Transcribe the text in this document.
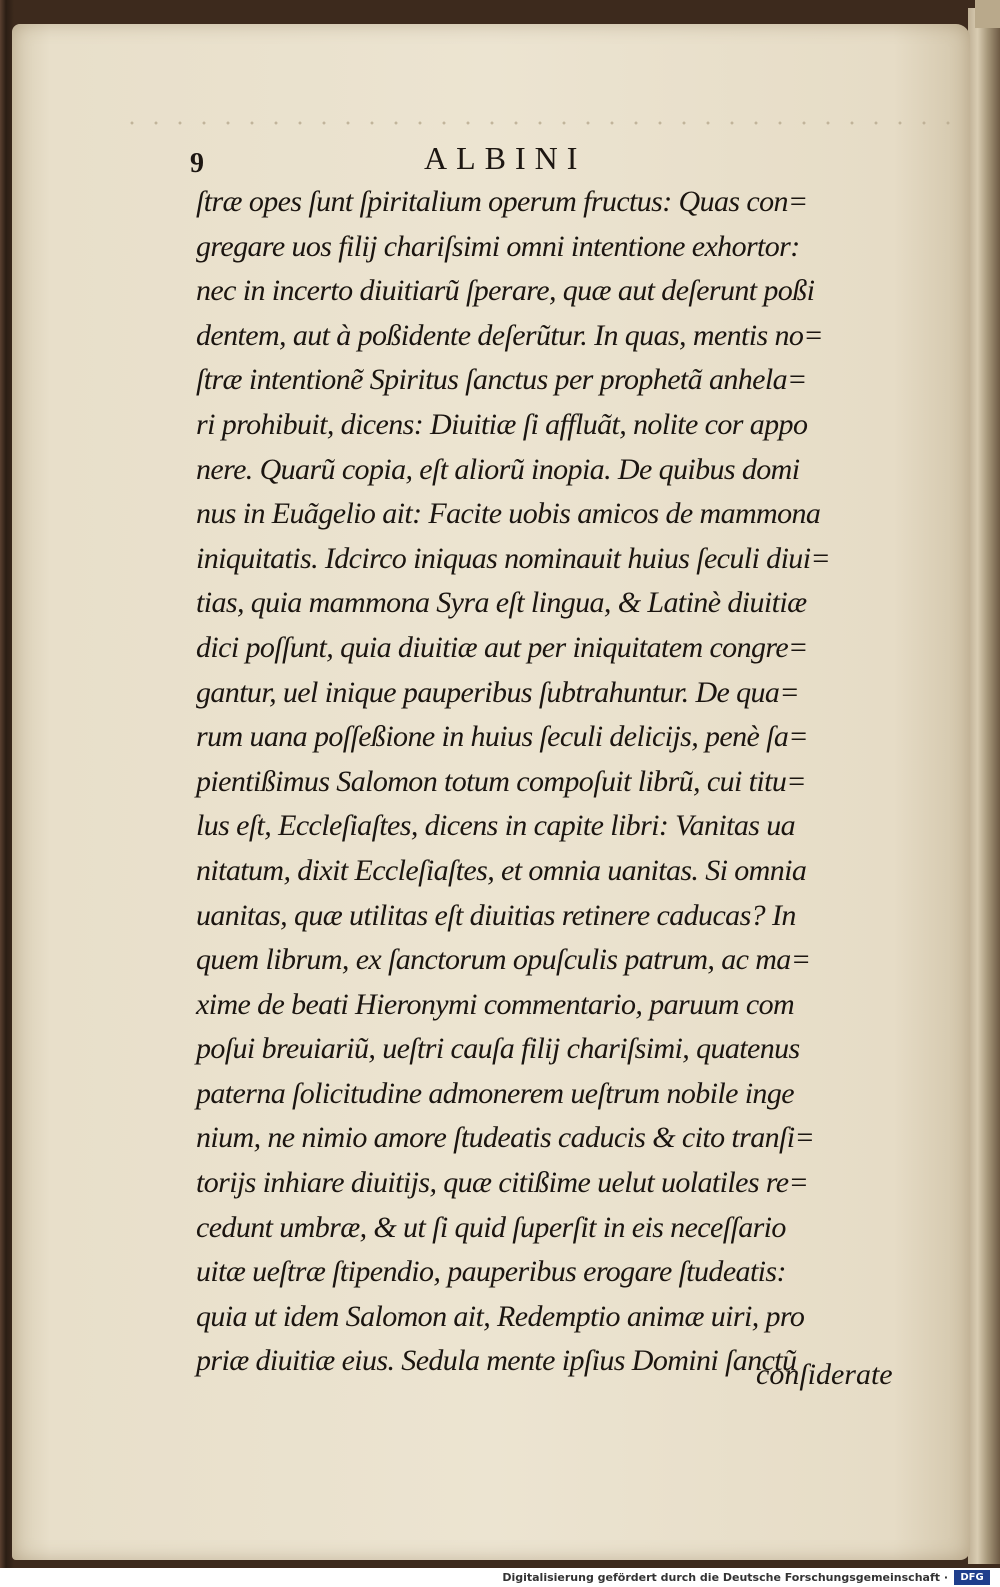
9	ALBINI
ſtræ opes ſunt ſpiritalium operum fructus: Quas con=
gregare uos filij chariſsimi omni intentione exhortor:
nec in incerto diuitiarũ ſperare, quæ aut deſerunt poßi
dentem, aut à poßidente deſerũtur. In quas, mentis no=
ſtræ intentionẽ Spiritus ſanctus per prophetã anhela=
ri prohibuit, dicens: Diuitiæ ſi affluãt, nolite cor appo
nere. Quarũ copia, eſt aliorũ inopia. De quibus domi
nus in Euãgelio ait: Facite uobis amicos de mammona
iniquitatis. Idcirco iniquas nominauit huius ſeculi diui=
tias, quia mammona Syra eſt lingua, & Latinè diuitiæ
dici poſſunt, quia diuitiæ aut per iniquitatem congre=
gantur, uel inique pauperibus ſubtrahuntur. De qua=
rum uana poſſeßione in huius ſeculi delicijs, penè ſa=
pientißimus Salomon totum compoſuit librũ, cui titu=
lus eſt, Eccleſiaſtes, dicens in capite libri: Vanitas ua
nitatum, dixit Eccleſiaſtes, et omnia uanitas. Si omnia
uanitas, quæ utilitas eſt diuitias retinere caducas? In
quem librum, ex ſanctorum opuſculis patrum, ac ma=
xime de beati Hieronymi commentario, paruum com
poſui breuiariũ, ueſtri cauſa filij chariſsimi, quatenus
paterna ſolicitudine admonerem ueſtrum nobile inge
nium, ne nimio amore ſtudeatis caducis & cito tranſi=
torijs inhiare diuitijs, quæ citißime uelut uolatiles re=
cedunt umbræ, & ut ſi quid ſuperſit in eis neceſſario
uitæ ueſtræ ſtipendio, pauperibus erogare ſtudeatis:
quia ut idem Salomon ait, Redemptio animæ uiri, pro
priæ diuitiæ eius. Sedula mente ipſius Domini ſanctũ
conſiderate
Digitalisierung gefördert durch die Deutsche Forschungsgemeinschaft ·	DFG
